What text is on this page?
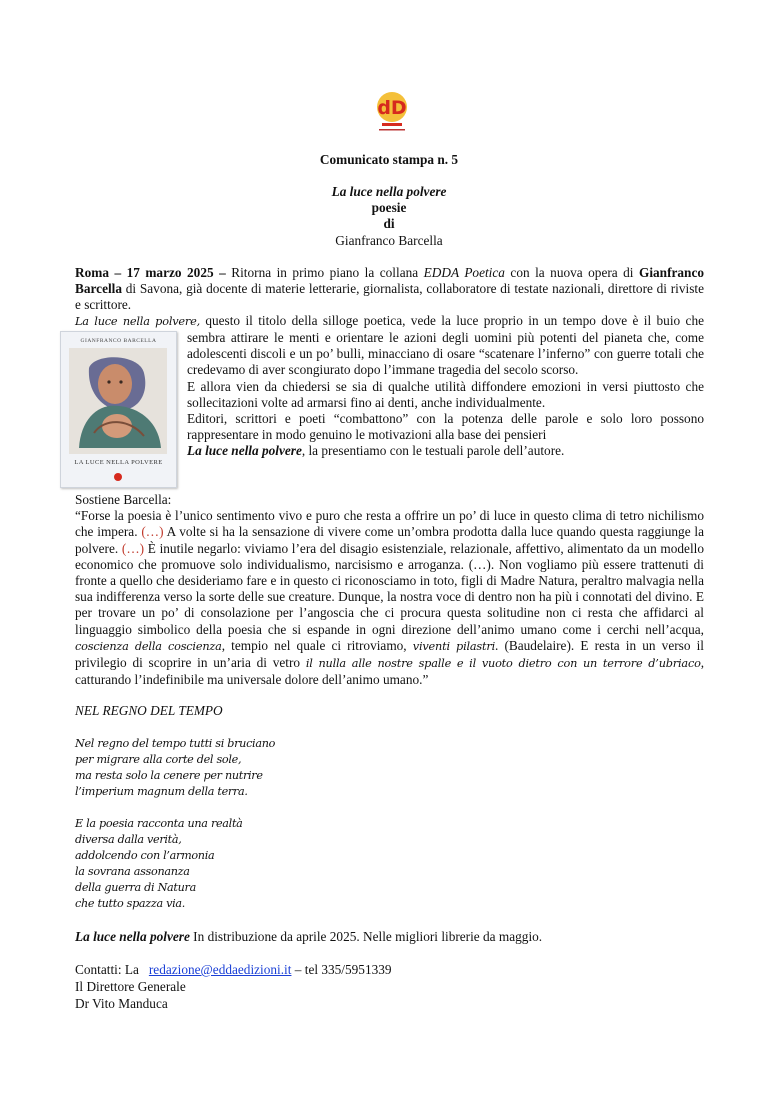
dD
Comunicato stampa n. 5
La luce nella polvere
poesie
di
Gianfranco Barcella

Roma – 17 marzo 2025 – Ritorna in primo piano la collana EDDA Poetica con la nuova opera di Gianfranco Barcella di Savona, già docente di materie letterarie, giornalista, collaboratore di testate nazionali, direttore di riviste e scrittore.

La luce nella polvere, questo il titolo della silloge poetica, vede la luce proprio in un tempo dove è il buio che
GIANFRANCO BARCELLA
LA LUCE NELLA POLVERE

sembra attirare le menti e orientare le azioni degli uomini più potenti del pianeta che, come adolescenti discoli e un po’ bulli, minacciano di osare “scatenare l’inferno” con guerre totali che credevamo di aver scongiurato dopo l’immane tragedia del secolo scorso.

E allora vien da chiedersi se sia di qualche utilità diffondere emozioni in versi piuttosto che sollecitazioni volte ad armarsi fino ai denti, anche individualmente.

Editori, scrittori e poeti “combattono” con la potenza delle parole e solo loro possono rappresentare in modo genuino le motivazioni alla base dei pensieri

La luce nella polvere, la presentiamo con le testuali parole dell’autore.

Sostiene Barcella:

“Forse la poesia è l’unico sentimento vivo e puro che resta a offrire un po’ di luce in questo clima di tetro nichilismo che impera. (…) A volte si ha la sensazione di vivere come un’ombra prodotta dalla luce quando questa raggiunge la polvere. (…) È inutile negarlo: viviamo l’era del disagio esistenziale, relazionale, affettivo, alimentato da un modello economico che promuove solo individualismo, narcisismo e arroganza. (…). Non vogliamo più essere trattenuti di fronte a quello che desideriamo fare e in questo ci riconosciamo in toto, figli di Madre Natura, peraltro malvagia nella sua indifferenza verso la sorte delle sue creature. Dunque, la nostra voce di dentro non ha più i connotati del divino. E per trovare un po’ di consolazione per l’angoscia che ci procura questa solitudine non ci resta che affidarci al linguaggio simbolico della poesia che si espande in ogni direzione dell’animo umano come i cerchi nell’acqua, coscienza della coscienza, tempio nel quale ci ritroviamo, viventi pilastri. (Baudelaire). E resta in un verso il privilegio di scoprire in un’aria di vetro il nulla alle nostre spalle e il vuoto dietro con un terrore d’ubriaco, catturando l’indefinibile ma universale dolore dell’animo umano.”

NEL REGNO DEL TEMPO
Nel regno del tempo tutti si bruciano
per migrare alla corte del sole,
ma resta solo la cenere per nutrire
l’imperium magnum della terra.
E la poesia racconta una realtà
diversa dalla verità,
addolcendo con l’armonia
la sovrana assonanza
della guerra di Natura
che tutto spazza via.

La luce nella polvere In distribuzione da aprile 2025. Nelle migliori librerie da maggio.

Contatti: La   redazione@eddaedizioni.it – tel 335/5951339
Il Direttore Generale
Dr Vito Manduca
